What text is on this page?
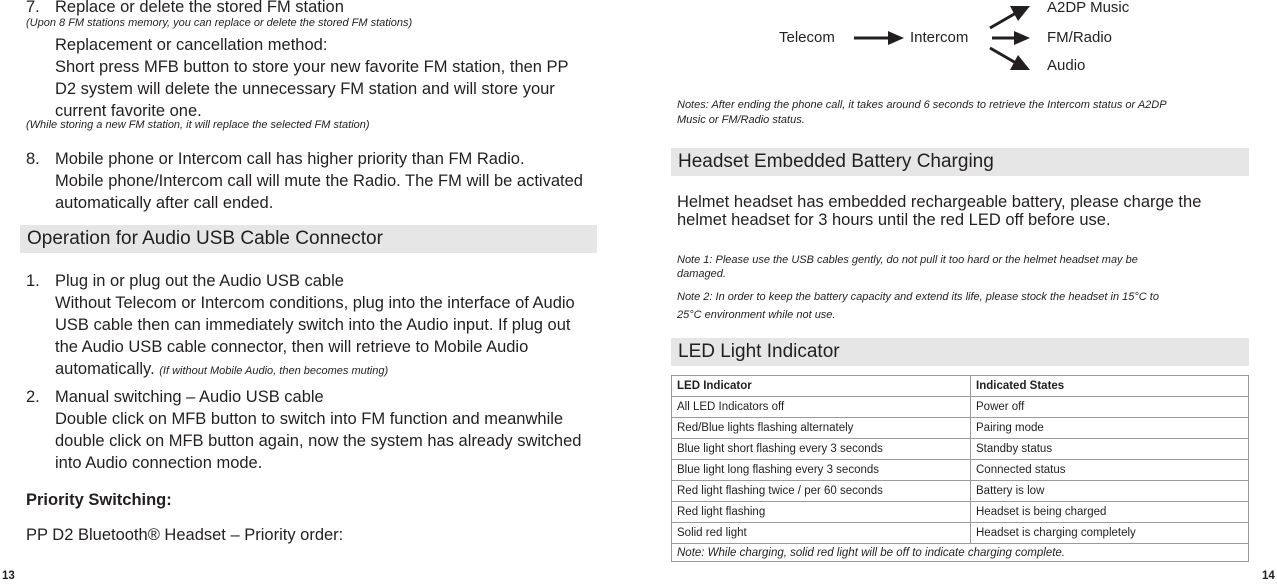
7. Replace or delete the stored FM station
(Upon 8 FM stations memory, you can replace or delete the stored FM stations)
Replacement or cancellation method:
Short press MFB button to store your new favorite FM station, then PP
D2 system will delete the unnecessary FM station and will store your
current favorite one.
(While storing a new FM station, it will replace the selected FM station)
8. Mobile phone or Intercom call has higher priority than FM Radio.
Mobile phone/Intercom call will mute the Radio. The FM will be activated
automatically after call ended.
Operation for Audio USB Cable Connector
1. Plug in or plug out the Audio USB cable
Without Telecom or Intercom conditions, plug into the interface of Audio
USB cable then can immediately switch into the Audio input. If plug out
the Audio USB cable connector, then will retrieve to Mobile Audio
automatically. (If without Mobile Audio, then becomes muting)
2. Manual switching – Audio USB cable
Double click on MFB button to switch into FM function and meanwhile
double click on MFB button again, now the system has already switched
into Audio connection mode.
Priority Switching:
PP D2 Bluetooth® Headset – Priority order:
13
Telecom	Intercom
A2DP Music
FM/Radio
Audio
Notes: After ending the phone call, it takes around 6 seconds to retrieve the Intercom status or A2DP
Music or FM/Radio status.
Headset Embedded Battery Charging
Helmet headset has embedded rechargeable battery, please charge the
helmet headset for 3 hours until the red LED off before use.
Note 1: Please use the USB cables gently, do not pull it too hard or the helmet headset may be
damaged.
Note 2: In order to keep the battery capacity and extend its life, please stock the headset in 15°C to
25°C environment while not use.
LED Light Indicator
LED Indicator	Indicated States
All LED Indicators off	Power off
Red/Blue lights flashing alternately	Pairing mode
Blue light short flashing every 3 seconds	Standby status
Blue light long flashing every 3 seconds	Connected status
Red light flashing twice / per 60 seconds	Battery is low
Red light flashing	Headset is being charged
Solid red light	Headset is charging completely
Note: While charging, solid red light will be off to indicate charging complete.	
14
